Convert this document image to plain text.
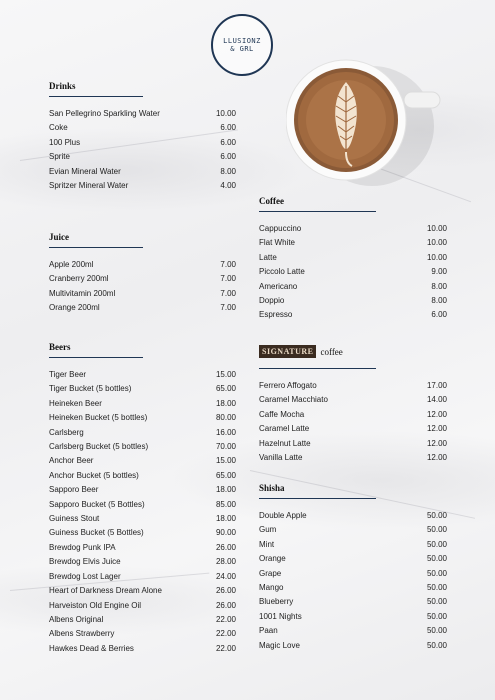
LLUSIONZ
& GRL
Drinks
San Pellegrino Sparkling Water	10.00
Coke	6.00
100 Plus	6.00
Sprite	6.00
Evian Mineral Water	8.00
Spritzer Mineral Water	4.00
Juice
Apple 200ml	7.00
Cranberry 200ml	7.00
Multivitamin 200ml	7.00
Orange 200ml	7.00
Beers
Tiger Beer	15.00
Tiger Bucket (5 bottles)	65.00
Heineken Beer	18.00
Heineken Bucket (5 bottles)	80.00
Carlsberg	16.00
Carlsberg Bucket (5 bottles)	70.00
Anchor Beer	15.00
Anchor Bucket (5 bottles)	65.00
Sapporo Beer	18.00
Sapporo Bucket (5 Bottles)	85.00
Guiness Stout	18.00
Guiness Bucket (5 Bottles)	90.00
Brewdog Punk IPA	26.00
Brewdog Elvis Juice	28.00
Brewdog Lost Lager	24.00
Heart of Darkness Dream Alone	26.00
Harveiston Old Engine Oil	26.00
Albens Original	22.00
Albens Strawberry	22.00
Hawkes Dead & Berries	22.00
Coffee
Cappuccino	10.00
Flat White	10.00
Latte	10.00
Piccolo Latte	9.00
Americano	8.00
Doppio	8.00
Espresso	6.00
SIGNATURE coffee
Ferrero Affogato	17.00
Caramel Macchiato	14.00
Caffe Mocha	12.00
Caramel Latte	12.00
Hazelnut Latte	12.00
Vanilla Latte	12.00
Shisha
Double Apple	50.00
Gum	50.00
Mint	50.00
Orange	50.00
Grape	50.00
Mango	50.00
Blueberry	50.00
1001 Nights	50.00
Paan	50.00
Magic Love	50.00
